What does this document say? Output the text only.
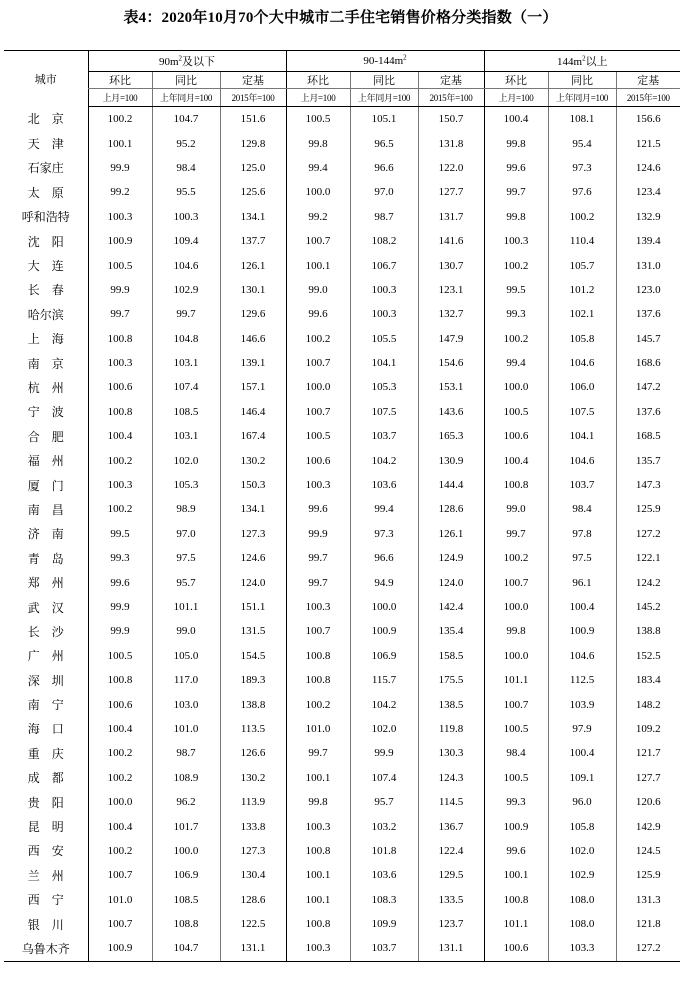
表4：2020年10月70个大中城市二手住宅销售价格分类指数（一）
城市	$90m^2$及以下			$90-144m^2$			$144m^2$以上		
	环比	同比	定基	环比	同比	定基	环比	同比	定基
	上月=100	上年同月=100	2015年=100	上月=100	上年同月=100	2015年=100	上月=100	上年同月=100	2015年=100
北　京	100.2	104.7	151.6	100.5	105.1	150.7	100.4	108.1	156.6
天　津	100.1	95.2	129.8	99.8	96.5	131.8	99.8	95.4	121.5
石家庄	99.9	98.4	125.0	99.4	96.6	122.0	99.6	97.3	124.6
太　原	99.2	95.5	125.6	100.0	97.0	127.7	99.7	97.6	123.4
呼和浩特	100.3	100.3	134.1	99.2	98.7	131.7	99.8	100.2	132.9
沈　阳	100.9	109.4	137.7	100.7	108.2	141.6	100.3	110.4	139.4
大　连	100.5	104.6	126.1	100.1	106.7	130.7	100.2	105.7	131.0
长　春	99.9	102.9	130.1	99.0	100.3	123.1	99.5	101.2	123.0
哈尔滨	99.7	99.7	129.6	99.6	100.3	132.7	99.3	102.1	137.6
上　海	100.8	104.8	146.6	100.2	105.5	147.9	100.2	105.8	145.7
南　京	100.3	103.1	139.1	100.7	104.1	154.6	99.4	104.6	168.6
杭　州	100.6	107.4	157.1	100.0	105.3	153.1	100.0	106.0	147.2
宁　波	100.8	108.5	146.4	100.7	107.5	143.6	100.5	107.5	137.6
合　肥	100.4	103.1	167.4	100.5	103.7	165.3	100.6	104.1	168.5
福　州	100.2	102.0	130.2	100.6	104.2	130.9	100.4	104.6	135.7
厦　门	100.3	105.3	150.3	100.3	103.6	144.4	100.8	103.7	147.3
南　昌	100.2	98.9	134.1	99.6	99.4	128.6	99.0	98.4	125.9
济　南	99.5	97.0	127.3	99.9	97.3	126.1	99.7	97.8	127.2
青　岛	99.3	97.5	124.6	99.7	96.6	124.9	100.2	97.5	122.1
郑　州	99.6	95.7	124.0	99.7	94.9	124.0	100.7	96.1	124.2
武　汉	99.9	101.1	151.1	100.3	100.0	142.4	100.0	100.4	145.2
长　沙	99.9	99.0	131.5	100.7	100.9	135.4	99.8	100.9	138.8
广　州	100.5	105.0	154.5	100.8	106.9	158.5	100.0	104.6	152.5
深　圳	100.8	117.0	189.3	100.8	115.7	175.5	101.1	112.5	183.4
南　宁	100.6	103.0	138.8	100.2	104.2	138.5	100.7	103.9	148.2
海　口	100.4	101.0	113.5	101.0	102.0	119.8	100.5	97.9	109.2
重　庆	100.2	98.7	126.6	99.7	99.9	130.3	98.4	100.4	121.7
成　都	100.2	108.9	130.2	100.1	107.4	124.3	100.5	109.1	127.7
贵　阳	100.0	96.2	113.9	99.8	95.7	114.5	99.3	96.0	120.6
昆　明	100.4	101.7	133.8	100.3	103.2	136.7	100.9	105.8	142.9
西　安	100.2	100.0	127.3	100.8	101.8	122.4	99.6	102.0	124.5
兰　州	100.7	106.9	130.4	100.1	103.6	129.5	100.1	102.9	125.9
西　宁	101.0	108.5	128.6	100.1	108.3	133.5	100.8	108.0	131.3
银　川	100.7	108.8	122.5	100.8	109.9	123.7	101.1	108.0	121.8
乌鲁木齐	100.9	104.7	131.1	100.3	103.7	131.1	100.6	103.3	127.2
